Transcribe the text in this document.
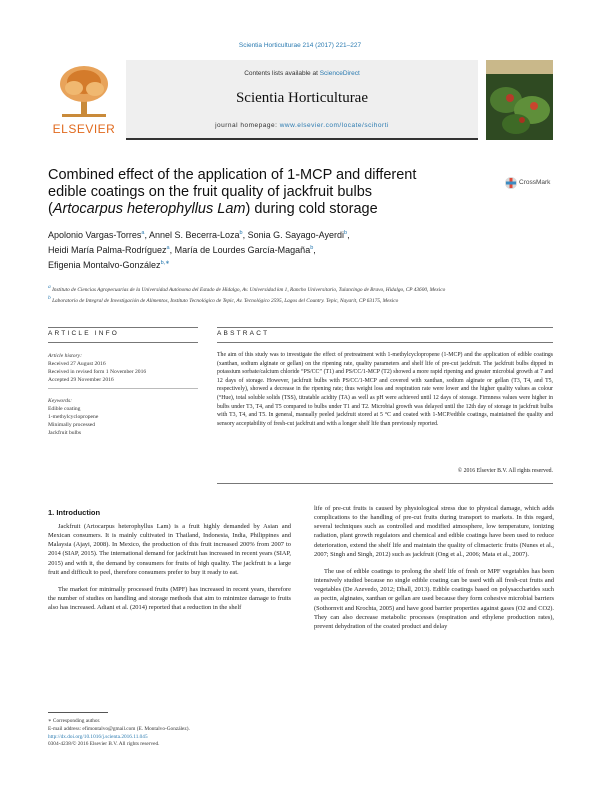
Scientia Horticulturae 214 (2017) 221–227
ELSEVIER
Contents lists available at ScienceDirect
Scientia Horticulturae
journal homepage: www.elsevier.com/locate/scihorti
Combined effect of the application of 1-MCP and different edible coatings on the fruit quality of jackfruit bulbs (Artocarpus heterophyllus Lam) during cold storage
CrossMark
Apolonio Vargas-Torres$^a$, Annel S. Becerra-Loza$^b$, Sonia G. Sayago-Ayerdi$^b$,
Heidi María Palma-Rodríguez$^a$, María de Lourdes García-Magaña$^b$,
Efigenia Montalvo-González$^{b,∗}$
$^a$ Instituto de Ciencias Agropecuarias de la Universidad Autónoma del Estado de Hidalgo, Av. Universidad km 1, Rancho Universitario, Tulancingo de Bravo, Hidalgo, CP 43600, Mexico
$^b$ Laboratorio de Integral de Investigación de Alimentos, Instituto Tecnológico de Tepic, Av. Tecnológico 2595, Lagos del Country. Tepic, Nayarit, CP 63175, Mexico
ARTICLE INFO	ABSTRACT
Article history:
Received 27 August 2016
Received in revised form 1 November 2016
Accepted 29 November 2016
Keywords:
Edible coating
1-methylcyclopropene
Minimally processed
Jackfruit bulbs
The aim of this study was to investigate the effect of pretreatment with 1-methylcyclopropene (1-MCP) and the application of edible coatings (xanthan, sodium alginate or gellan) on the ripening rate, quality parameters and shelf life of pre-cut jackfruit. The jackfruit bulbs dipped in potassium sorbate/calcium chloride “PS/CC” (T1) and PS/CC/1-MCP (T2) showed a more rapid ripening and greater microbial growth at 7 and 12 days of storage. However, jackfruit bulbs with PS/CC/1-MCP and covered with xanthan, sodium alginate or gellan (T3, T4, and T5, respectively), showed a decrease in the ripening rate; thus weight loss and respiration rate were lower and the higher quality values as colour (°Hue), total soluble solids (TSS), titratable acidity (TA) as well as pH were achieved until 12 days of storage. Firmness values were higher in bulbs under T3, T4, and T5 compared to bulbs under T1 and T2. Microbial growth was delayed until the 12th day of storage in jackfruit bulbs with T3, T4, and T5. In general, manually peeled jackfruit stored at 5 °C and coated with 1-MCP/edible coatings, maintained the quality and sensory acceptability of fresh-cut jackfruit and with a longer shelf life than previously reported.
© 2016 Elsevier B.V. All rights reserved.
1. Introduction

Jackfruit (Artocarpus heterophyllus Lam) is a fruit highly demanded by Asian and Mexican consumers. It is mainly cultivated in Thailand, Indonesia, India, Philippines and Malaysia (Ajayi, 2008). In Mexico, the production of this fruit increased 200% from 2007 to 2014 (SIAP, 2015). The international demand for jackfruit has increased in recent years (SIAP, 2015) and with it, the demand by consumers for fruits of high quality. The jackfruit is a large fruit and difficult to peel, therefore consumers prefer to buy it ready to eat.

The market for minimally processed fruits (MPF) has increased in recent years, therefore the number of studies on handling and storage methods that aim to minimize damage to fruits also has increased. Adiani et al. (2014) reported that a reduction in the shelf

life of pre-cut fruits is caused by physiological stress due to physical damage, which adds complications to the handling of pre-cut fruits during transport to markets. In this regard, several techniques such as controlled and modified atmosphere, low temperature, ionizing radiation, plant growth regulators and chemical and edible coatings have been used to reduce deterioration, extend the shelf life and maintain the quality of climacteric fruits (Nunes et al., 2007; Singh and Singh, 2012) such as jackfruit (Ong et al., 2006; Mata et al., 2007).

The use of edible coatings to prolong the shelf life of fresh or MPF vegetables has been intensively studied because no single edible coating can be used with all fresh-cut fruits and vegetables (De Azevedo, 2012; Dhall, 2013). Edible coatings based on polysaccharides such as pectin, alginates, xanthan or gellan are used because they form cohesive microbial barriers (Sothornvit and Krochta, 2005) and have good barrier properties against gases (O2 and CO2). They can also decrease metabolic processes (respiration and ethylene production rates), prevent dehydration of the coated product and delay

∗ Corresponding author.
E-mail address: efimontalvo@gmail.com (E. Montalvo-González).
http://dx.doi.org/10.1016/j.scienta.2016.11.045
0304-4238/© 2016 Elsevier B.V. All rights reserved.
